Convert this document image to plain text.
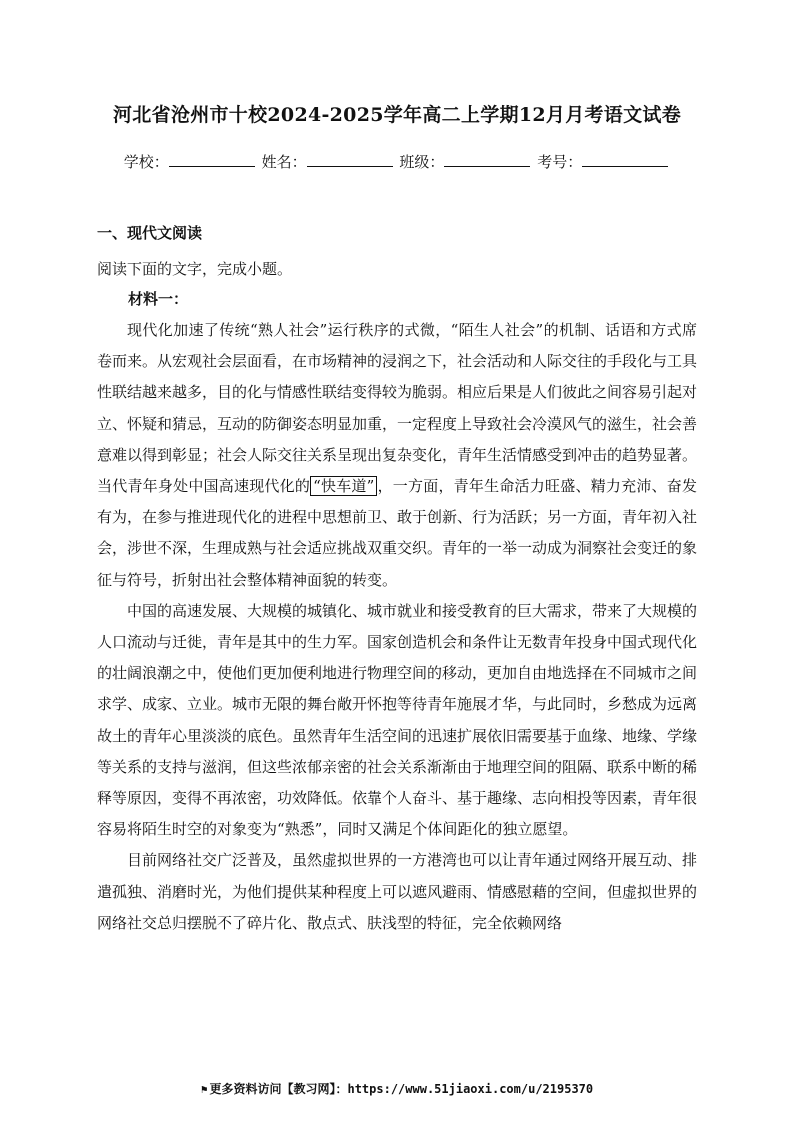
河北省沧州市十校2024-2025学年高二上学期12月月考语文试卷
学校：	姓名：	班级：	考号：
一、现代文阅读
阅读下面的文字，完成小题。
材料一：

现代化加速了传统“熟人社会”运行秩序的式微，“陌生人社会”的机制、话语和方式席卷而来。从宏观社会层面看，在市场精神的浸润之下，社会活动和人际交往的手段化与工具性联结越来越多，目的化与情感性联结变得较为脆弱。相应后果是人们彼此之间容易引起对立、怀疑和猜忌，互动的防御姿态明显加重，一定程度上导致社会冷漠风气的滋生，社会善意难以得到彰显；社会人际交往关系呈现出复杂变化，青年生活情感受到冲击的趋势显著。当代青年身处中国高速现代化的 “快车道” ，一方面，青年生命活力旺盛、精力充沛、奋发有为，在参与推进现代化的进程中思想前卫、敢于创新、行为活跃；另一方面，青年初入社会，涉世不深，生理成熟与社会适应挑战双重交织。青年的一举一动成为洞察社会变迁的象征与符号，折射出社会整体精神面貌的转变。

中国的高速发展、大规模的城镇化、城市就业和接受教育的巨大需求，带来了大规模的人口流动与迁徙，青年是其中的生力军。国家创造机会和条件让无数青年投身中国式现代化的壮阔浪潮之中，使他们更加便利地进行物理空间的移动，更加自由地选择在不同城市之间求学、成家、立业。城市无限的舞台敞开怀抱等待青年施展才华，与此同时，乡愁成为远离故土的青年心里淡淡的底色。虽然青年生活空间的迅速扩展依旧需要基于血缘、地缘、学缘等关系的支持与滋润，但这些浓郁亲密的社会关系渐渐由于地理空间的阻隔、联系中断的稀释等原因，变得不再浓密，功效降低。依靠个人奋斗、基于趣缘、志向相投等因素，青年很容易将陌生时空的对象变为“熟悉”，同时又满足个体间距化的独立愿望。

目前网络社交广泛普及，虽然虚拟世界的一方港湾也可以让青年通过网络开展互动、排遣孤独、消磨时光，为他们提供某种程度上可以遮风避雨、情感慰藉的空间，但虚拟世界的网络社交总归摆脱不了碎片化、散点式、肤浅型的特征，完全依赖网络

⚑ 更多资料访问【教习网】：https://www.51jiaoxi.com/u/2195370
